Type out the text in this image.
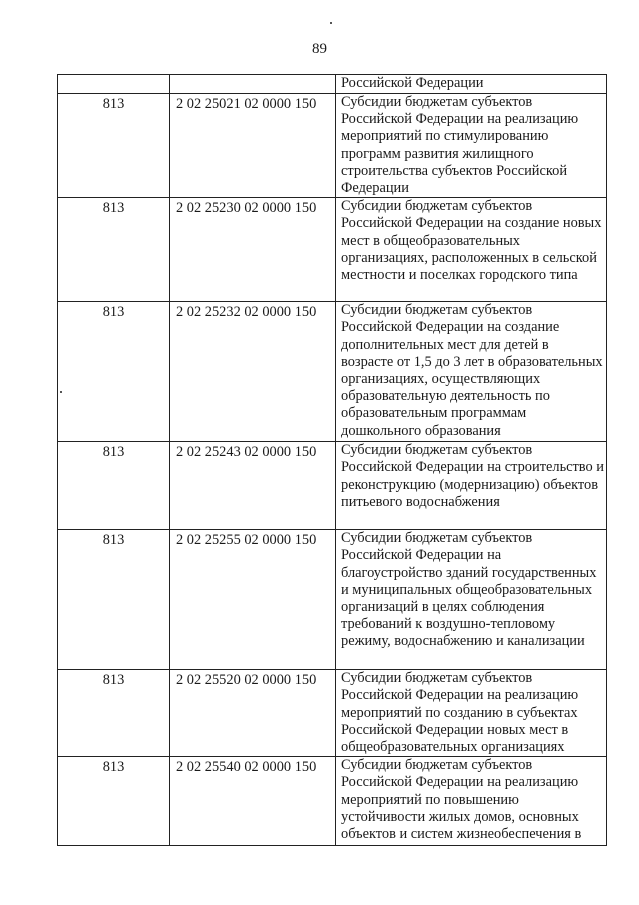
89
		Российской Федерации
813	2 02 25021 02 0000 150	Субсидии бюджетам субъектов Российской Федерации на реализацию мероприятий по стимулированию программ развития жилищного строительства субъектов Российской Федерации
813	2 02 25230 02 0000 150	Субсидии бюджетам субъектов Российской Федерации на создание новых мест в общеобразовательных организациях, расположенных в сельской местности и поселках городского типа
813	2 02 25232 02 0000 150	Субсидии бюджетам субъектов Российской Федерации на создание дополнительных мест для детей в возрасте от 1,5 до 3 лет в образовательных организациях, осуществляющих образовательную деятельность по образовательным программам дошкольного образования
813	2 02 25243 02 0000 150	Субсидии бюджетам субъектов Российской Федерации на строительство и реконструкцию (модернизацию) объектов питьевого водоснабжения
813	2 02 25255 02 0000 150	Субсидии бюджетам субъектов Российской Федерации на благоустройство зданий государственных и муниципальных общеобразовательных организаций в целях соблюдения требований к воздушно-тепловому режиму, водоснабжению и канализации
813	2 02 25520 02 0000 150	Субсидии бюджетам субъектов Российской Федерации на реализацию мероприятий по созданию в субъектах Российской Федерации новых мест в общеобразовательных организациях
813	2 02 25540 02 0000 150	Субсидии бюджетам субъектов Российской Федерации на реализацию мероприятий по повышению устойчивости жилых домов, основных объектов и систем жизнеобеспечения в
